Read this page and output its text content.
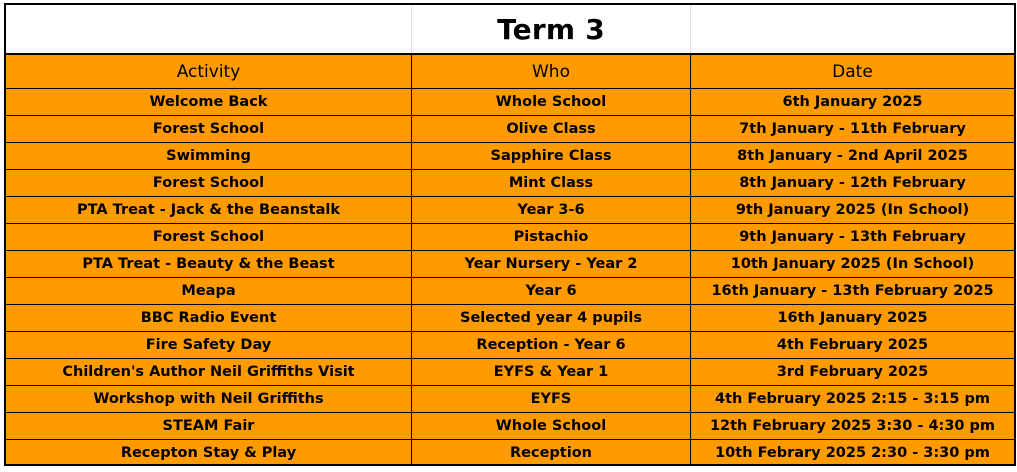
Term 3
Activity	Who	Date
Welcome Back	Whole School	6th January 2025
Forest School	Olive Class	7th January - 11th February
Swimming	Sapphire Class	8th January - 2nd April 2025
Forest School	Mint Class	8th January - 12th February
PTA Treat - Jack & the Beanstalk	Year 3-6	9th January 2025 (In School)
Forest School	Pistachio	9th January - 13th February
PTA Treat - Beauty & the Beast	Year Nursery - Year 2	10th January 2025 (In School)
Meapa	Year 6	16th January - 13th February 2025
BBC Radio Event	Selected year 4 pupils	16th January 2025
Fire Safety Day	Reception - Year 6	4th February 2025
Children's Author Neil Griffiths Visit	EYFS & Year 1	3rd February 2025
Workshop with Neil Griffiths	EYFS	4th February 2025 2:15 - 3:15 pm
STEAM Fair	Whole School	12th February 2025 3:30 - 4:30 pm
Recepton Stay & Play	Reception	10th Febrary 2025 2:30 - 3:30 pm
